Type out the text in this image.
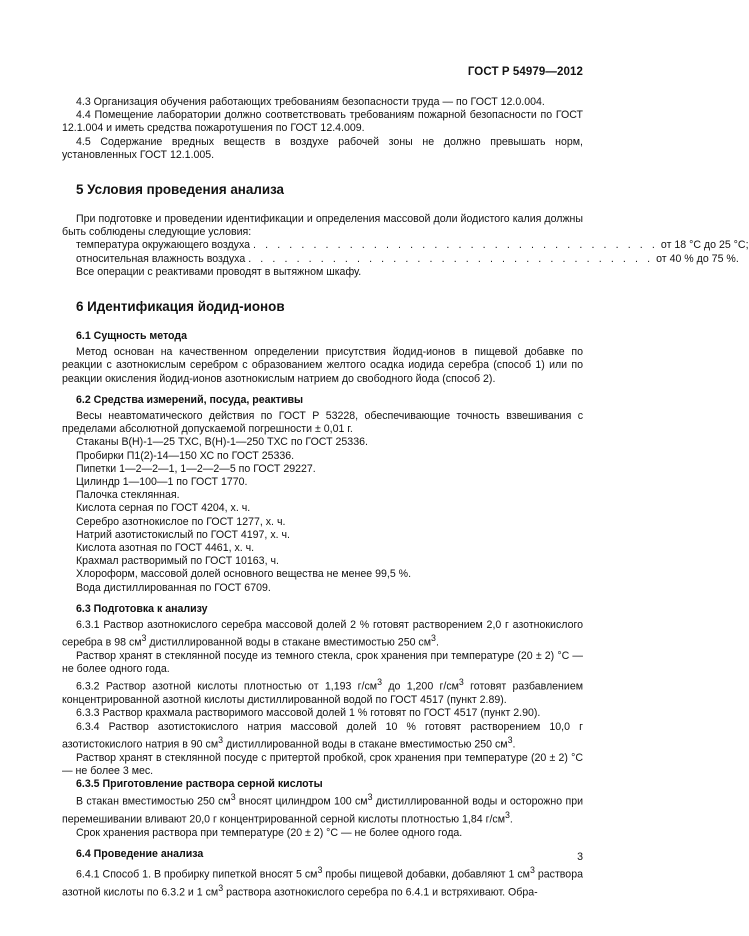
ГОСТ Р 54979—2012

4.3 Организация обучения работающих требованиям безопасности труда — по ГОСТ 12.0.004.

4.4 Помещение лаборатории должно соответствовать требованиям пожарной безопасности по ГОСТ 12.1.004 и иметь средства пожаротушения по ГОСТ 12.4.009.

4.5 Содержание вредных веществ в воздухе рабочей зоны не должно превышать норм, установленных ГОСТ 12.1.005.

5 Условия проведения анализа

При подготовке и проведении идентификации и определения массовой доли йодистого калия должны быть соблюдены следующие условия:

температура окружающего воздуха . . . . . . . . . . . . . . . . . . . . . . . . . . . . . . . . . . от 18 °С до 25 °С;
относительная влажность воздуха . . . . . . . . . . . . . . . . . . . . . . . . . . . . . . . . . . от 40 % до 75 %.

Все операции с реактивами проводят в вытяжном шкафу.

6 Идентификация йодид-ионов

6.1 Сущность метода

Метод основан на качественном определении присутствия йодид-ионов в пищевой добавке по реакции с азотнокислым серебром с образованием желтого осадка иодида серебра (способ 1) или по реакции окисления йодид-ионов азотнокислым натрием до свободного йода (способ 2).

6.2 Средства измерений, посуда, реактивы

Весы неавтоматического действия по ГОСТ Р 53228, обеспечивающие точность взвешивания с пределами абсолютной допускаемой погрешности ± 0,01 г.

Стаканы В(Н)-1—25 ТХС, В(Н)-1—250 ТХС по ГОСТ 25336.

Пробирки П1(2)-14—150 ХС по ГОСТ 25336.

Пипетки 1—2—2—1, 1—2—2—5 по ГОСТ 29227.

Цилиндр 1—100—1 по ГОСТ 1770.

Палочка стеклянная.

Кислота серная по ГОСТ 4204, х. ч.

Серебро азотнокислое по ГОСТ 1277, х. ч.

Натрий азотистокислый по ГОСТ 4197, х. ч.

Кислота азотная по ГОСТ 4461, х. ч.

Крахмал растворимый по ГОСТ 10163, ч.

Хлороформ, массовой долей основного вещества не менее 99,5 %.

Вода дистиллированная по ГОСТ 6709.

6.3 Подготовка к анализу

6.3.1 Раствор азотнокислого серебра массовой долей 2 % готовят растворением 2,0 г азотнокислого серебра в 98 $см^3$ дистиллированной воды в стакане вместимостью 250 $см^3$.

Раствор хранят в стеклянной посуде из темного стекла, срок хранения при температуре (20 ± 2) °С — не более одного года.

6.3.2 Раствор азотной кислоты плотностью от 1,193 $г/см^3$ до 1,200 $г/см^3$ готовят разбавлением концентрированной азотной кислоты дистиллированной водой по ГОСТ 4517 (пункт 2.89).

6.3.3 Раствор крахмала растворимого массовой долей 1 % готовят по ГОСТ 4517 (пункт 2.90).

6.3.4 Раствор азотистокислого натрия массовой долей 10 % готовят растворением 10,0 г азотистокислого натрия в 90 $см^3$ дистиллированной воды в стакане вместимостью 250 $см^3$.

Раствор хранят в стеклянной посуде с притертой пробкой, срок хранения при температуре (20 ± 2) °С — не более 3 мес.

6.3.5 Приготовление раствора серной кислоты

В стакан вместимостью 250 $см^3$ вносят цилиндром 100 $см^3$ дистиллированной воды и осторожно при перемешивании вливают 20,0 г концентрированной серной кислоты плотностью 1,84 $г/см^3$.

Срок хранения раствора при температуре (20 ± 2) °С — не более одного года.

6.4 Проведение анализа

6.4.1 Способ 1. В пробирку пипеткой вносят 5 $см^3$ пробы пищевой добавки, добавляют 1 $см^3$ раствора азотной кислоты по 6.3.2 и 1 $см^3$ раствора азотнокислого серебра по 6.4.1 и встряхивают. Обра-

3
